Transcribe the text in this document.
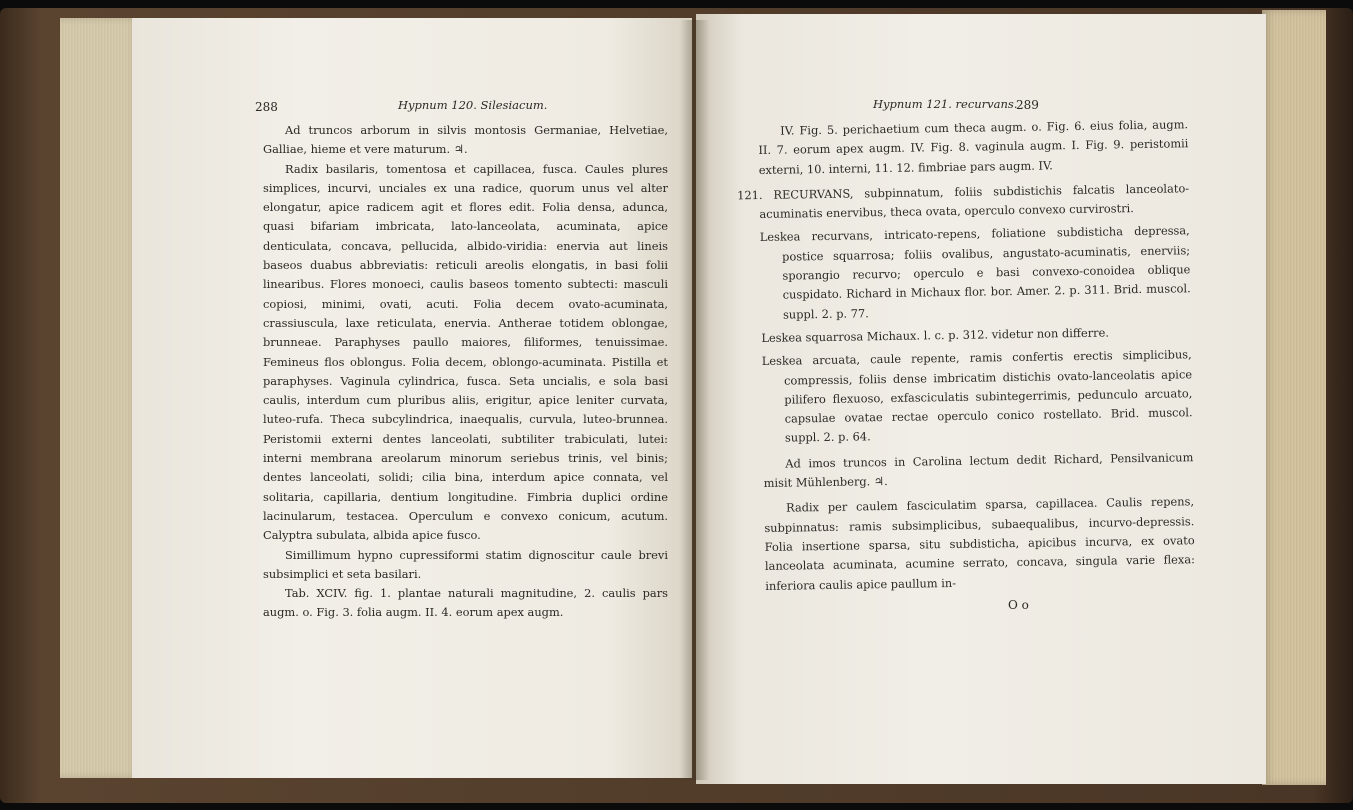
288	Hypnum 120. Silesiacum.

Ad truncos arborum in silvis montosis Germaniae, Helvetiae, Galliae, hieme et vere maturum. ♃.

Radix basilaris, tomentosa et capillacea, fusca. Caules plures simplices, incurvi, unciales ex una radice, quorum unus vel alter elongatur, apice radicem agit et flores edit. Folia densa, adunca, quasi bifariam imbricata, lato-lanceolata, acuminata, apice denticulata, concava, pellucida, albido-viridia: enervia aut lineis baseos duabus abbreviatis: reticuli areolis elongatis, in basi folii linearibus. Flores monoeci, caulis baseos tomento subtecti: masculi copiosi, minimi, ovati, acuti. Folia decem ovato-acuminata, crassiuscula, laxe reticulata, enervia. Antherae totidem oblongae, brunneae. Paraphyses paullo maiores, filiformes, tenuissimae. Femineus flos oblongus. Folia decem, oblongo-acuminata. Pistilla et paraphyses. Vaginula cylindrica, fusca. Seta uncialis, e sola basi caulis, interdum cum pluribus aliis, erigitur, apice leniter curvata, luteo-rufa. Theca subcylindrica, inaequalis, curvula, luteo-brunnea. Peristomii externi dentes lanceolati, subtiliter trabiculati, lutei: interni membrana areolarum minorum seriebus trinis, vel binis; dentes lanceolati, solidi; cilia bina, interdum apice connata, vel solitaria, capillaria, dentium longitudine. Fimbria duplici ordine lacinularum, testacea. Operculum e convexo conicum, acutum. Calyptra subulata, albida apice fusco.

Simillimum hypno cupressiformi statim dignoscitur caule brevi subsimplici et seta basilari.

Tab. XCIV. fig. 1. plantae naturali magnitudine, 2. caulis pars augm. o. Fig. 3. folia augm. II. 4. eorum apex augm.

Hypnum 121. recurvans.
289

IV. Fig. 5. perichaetium cum theca augm. o. Fig. 6. eius folia, augm. II. 7. eorum apex augm. IV. Fig. 8. vaginula augm. I. Fig. 9. peristomii externi, 10. interni, 11. 12. fimbriae pars augm. IV.

121. RECURVANS, subpinnatum, foliis subdistichis falcatis lanceolato-acuminatis enervibus, theca ovata, operculo convexo curvirostri.

Leskea recurvans, intricato-repens, foliatione subdisticha depressa, postice squarrosa; foliis ovalibus, angustato-acuminatis, enerviis; sporangio recurvo; operculo e basi convexo-conoidea oblique cuspidato. Richard in Michaux flor. bor. Amer. 2. p. 311. Brid. muscol. suppl. 2. p. 77.

Leskea squarrosa Michaux. l. c. p. 312. videtur non differre.

Leskea arcuata, caule repente, ramis confertis erectis simplicibus, compressis, foliis dense imbricatim distichis ovato-lanceolatis apice pilifero flexuoso, exfasciculatis subintegerrimis, pedunculo arcuato, capsulae ovatae rectae operculo conico rostellato. Brid. muscol. suppl. 2. p. 64.

Ad imos truncos in Carolina lectum dedit Richard, Pensilvanicum misit Mühlenberg. ♃.

Radix per caulem fasciculatim sparsa, capillacea. Caulis repens, subpinnatus: ramis subsimplicibus, subaequalibus, incurvo-depressis. Folia insertione sparsa, situ subdisticha, apicibus incurva, ex ovato lanceolata acuminata, acumine serrato, concava, singula varie flexa: inferiora caulis apice paullum in-

O o
